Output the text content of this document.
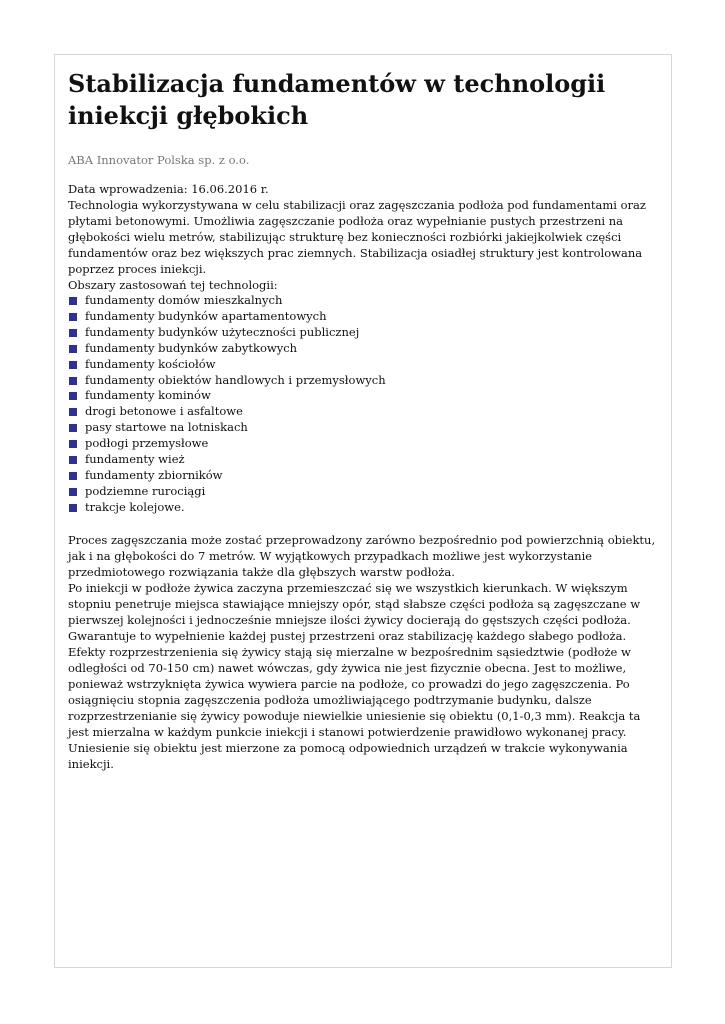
Stabilizacja fundamentów w technologii iniekcji głębokich
ABA Innovator Polska sp. z o.o.
Data wprowadzenia: 16.06.2016 r.

Technologia wykorzystywana w celu stabilizacji oraz zagęszczania podłoża pod fundamentami oraz płytami betonowymi. Umożliwia zagęszczanie podłoża oraz wypełnianie pustych przestrzeni na głębokości wielu metrów, stabilizując strukturę bez konieczności rozbiórki jakiejkolwiek części fundamentów oraz bez większych prac ziemnych. Stabilizacja osiadłej struktury jest kontrolowana poprzez proces iniekcji.

Obszary zastosowań tej technologii:

fundamenty domów mieszkalnych
fundamenty budynków apartamentowych
fundamenty budynków użyteczności publicznej
fundamenty budynków zabytkowych
fundamenty kościołów
fundamenty obiektów handlowych i przemysłowych
fundamenty kominów
drogi betonowe i asfaltowe
pasy startowe na lotniskach
podłogi przemysłowe
fundamenty wież
fundamenty zbiorników
podziemne rurociągi
trakcje kolejowe.

Proces zagęszczania może zostać przeprowadzony zarówno bezpośrednio pod powierzchnią obiektu, jak i na głębokości do 7 metrów. W wyjątkowych przypadkach możliwe jest wykorzystanie przedmiotowego rozwiązania także dla głębszych warstw podłoża.

Po iniekcji w podłoże żywica zaczyna przemieszczać się we wszystkich kierunkach. W większym stopniu penetruje miejsca stawiające mniejszy opór, stąd słabsze części podłoża są zagęszczane w pierwszej kolejności i jednocześnie mniejsze ilości żywicy docierają do gęstszych części podłoża. Gwarantuje to wypełnienie każdej pustej przestrzeni oraz stabilizację każdego słabego podłoża.

Efekty rozprzestrzenienia się żywicy stają się mierzalne w bezpośrednim sąsiedztwie (podłoże w odległości od 70-150 cm) nawet wówczas, gdy żywica nie jest fizycznie obecna. Jest to możliwe, ponieważ wstrzyknięta żywica wywiera parcie na podłoże, co prowadzi do jego zagęszczenia. Po osiągnięciu stopnia zagęszczenia podłoża umożliwiającego podtrzymanie budynku, dalsze rozprzestrzenianie się żywicy powoduje niewielkie uniesienie się obiektu (0,1-0,3 mm). Reakcja ta jest mierzalna w każdym punkcie iniekcji i stanowi potwierdzenie prawidłowo wykonanej pracy. Uniesienie się obiektu jest mierzone za pomocą odpowiednich urządzeń w trakcie wykonywania iniekcji.
